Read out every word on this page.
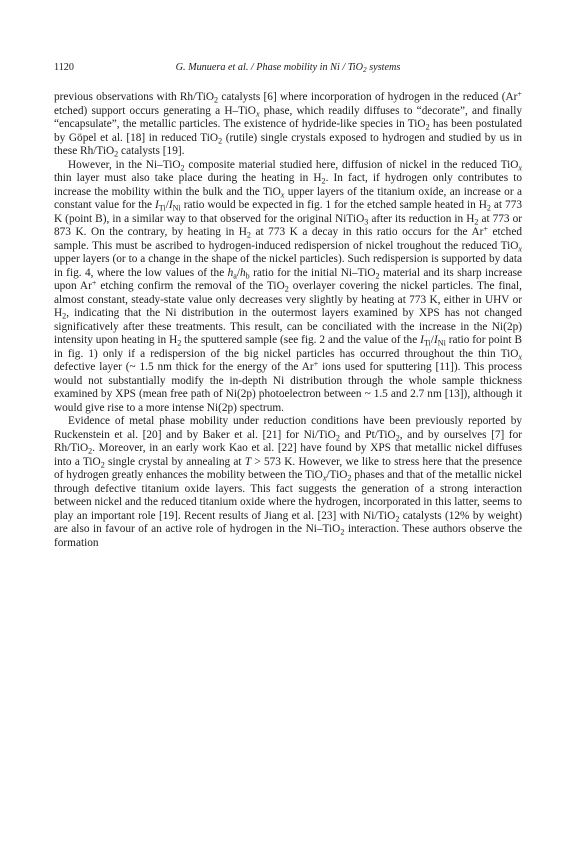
1120	G. Munuera et al. / Phase mobility in Ni / TiO$_2$ systems

previous observations with Rh/TiO$_2$ catalysts [6] where incorporation of hydrogen in the reduced (Ar+ etched) support occurs generating a H–TiO$_x$ phase, which readily diffuses to “decorate”, and finally “encapsulate”, the metallic particles. The existence of hydride-like species in TiO$_2$ has been postulated by Göpel et al. [18] in reduced TiO$_2$ (rutile) single crystals exposed to hydrogen and studied by us in these Rh/TiO$_2$ catalysts [19].

However, in the Ni–TiO$_2$ composite material studied here, diffusion of nickel in the reduced TiO$_x$ thin layer must also take place during the heating in $H_2$. In fact, if hydrogen only contributes to increase the mobility within the bulk and the TiO$_x$ upper layers of the titanium oxide, an increase or a constant value for the $I_{Ti}/I_{Ni}$ ratio would be expected in fig. 1 for the etched sample heated in $H_2$ at 773 K (point B), in a similar way to that observed for the original NiTiO$_3$ after its reduction in $H_2$ at 773 or 873 K. On the contrary, by heating in $H_2$ at 773 K a decay in this ratio occurs for the Ar+ etched sample. This must be ascribed to hydrogen-induced redispersion of nickel troughout the reduced TiO$_x$ upper layers (or to a change in the shape of the nickel particles). Such redispersion is supported by data in fig. 4, where the low values of the $h_a/h_b$ ratio for the initial Ni–TiO$_2$ material and its sharp increase upon Ar+ etching confirm the removal of the TiO$_2$ overlayer covering the nickel particles. The final, almost constant, steady-state value only decreases very slightly by heating at 773 K, either in UHV or $H_2$, indicating that the Ni distribution in the outermost layers examined by XPS has not changed significatively after these treatments. This result, can be conciliated with the increase in the Ni(2p) intensity upon heating in $H_2$ the sputtered sample (see fig. 2 and the value of the $I_{Ti}/I_{Ni}$ ratio for point B in fig. 1) only if a redispersion of the big nickel particles has occurred throughout the thin TiO$_x$ defective layer (~ 1.5 nm thick for the energy of the Ar+ ions used for sputtering [11]). This process would not substantially modify the in-depth Ni distribution through the whole sample thickness examined by XPS (mean free path of Ni(2p) photoelectron between ~ 1.5 and 2.7 nm [13]), although it would give rise to a more intense Ni(2p) spectrum.

Evidence of metal phase mobility under reduction conditions have been previously reported by Ruckenstein et al. [20] and by Baker et al. [21] for Ni/TiO$_2$ and Pt/TiO$_2$, and by ourselves [7] for Rh/TiO$_2$. Moreover, in an early work Kao et al. [22] have found by XPS that metallic nickel diffuses into a TiO$_2$ single crystal by annealing at T > 573 K. However, we like to stress here that the presence of hydrogen greatly enhances the mobility between the TiO$_x$/TiO$_2$ phases and that of the metallic nickel through defective titanium oxide layers. This fact suggests the generation of a strong interaction between nickel and the reduced titanium oxide where the hydrogen, incorporated in this latter, seems to play an important role [19]. Recent results of Jiang et al. [23] with Ni/TiO$_2$ catalysts (12% by weight) are also in favour of an active role of hydrogen in the Ni–TiO$_2$ interaction. These authors observe the formation
